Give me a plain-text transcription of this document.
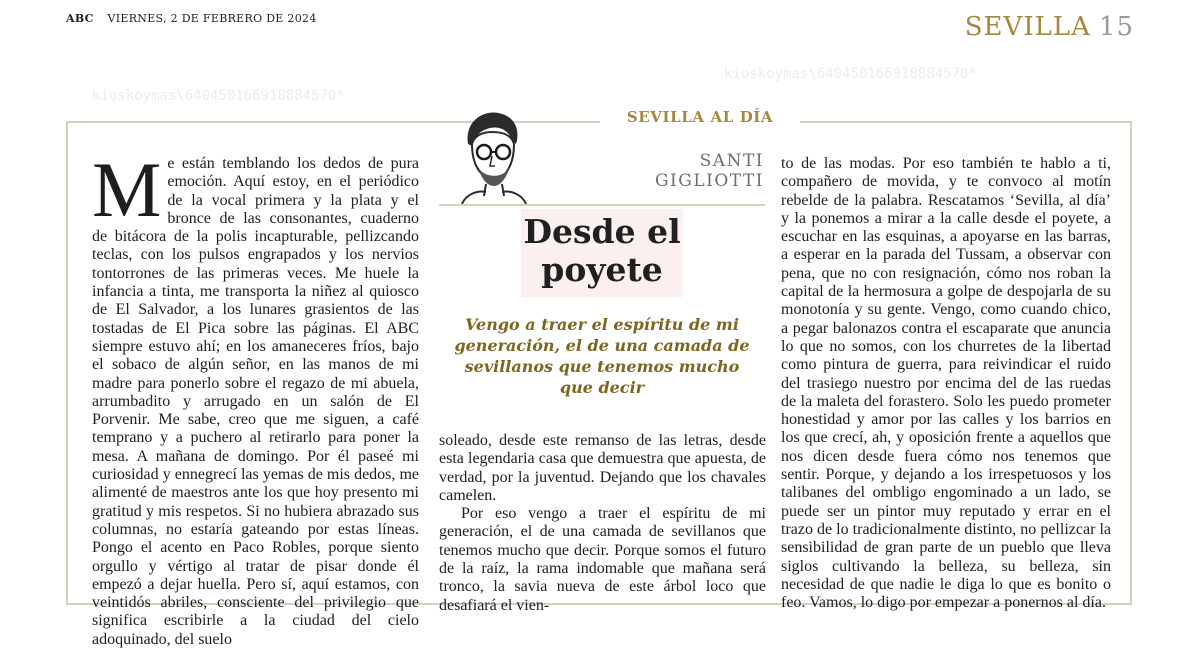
ABC VIERNES, 2 DE FEBRERO DE 2024	SEVILLA 15
kioskoymas\640450166918884570*
kioskoymas\640450166918884570*
SEVILLA AL DÍA
SANTI
GIGLIOTTI
Desde el
poyete
Vengo a traer el espíritu de mi generación, el de una camada de sevillanos que tenemos mucho que decir

Me están temblando los dedos de pura emoción. Aquí estoy, en el periódico de la vocal primera y la plata y el bronce de las consonantes, cuaderno de bitácora de la polis incapturable, pellizcando teclas, con los pulsos engrapados y los nervios tontorrones de las primeras veces. Me huele la infancia a tinta, me transporta la niñez al quiosco de El Salvador, a los lunares grasientos de las tostadas de El Pica sobre las páginas. El ABC siempre estuvo ahí; en los amaneceres fríos, bajo el sobaco de algún señor, en las manos de mi madre para ponerlo sobre el regazo de mi abuela, arrumbadito y arrugado en un salón de El Porvenir. Me sabe, creo que me siguen, a café temprano y a puchero al retirarlo para poner la mesa. A mañana de domingo. Por él paseé mi curiosidad y ennegrecí las yemas de mis dedos, me alimenté de maestros ante los que hoy presento mi gratitud y mis respetos. Si no hubiera abrazado sus columnas, no estaría gateando por estas líneas. Pongo el acento en Paco Robles, porque siento orgullo y vértigo al tratar de pisar donde él empezó a dejar huella. Pero sí, aquí estamos, con veintidós abriles, consciente del privilegio que significa escribirle a la ciudad del cielo adoquinado, del suelo

soleado, desde este remanso de las letras, desde esta legendaria casa que demuestra que apuesta, de verdad, por la juventud. Dejando que los chavales camelen.

Por eso vengo a traer el espíritu de mi generación, el de una camada de sevillanos que tenemos mucho que decir. Porque somos el futuro de la raíz, la rama indomable que mañana será tronco, la savia nueva de este árbol loco que desafiará el vien-

to de las modas. Por eso también te hablo a ti, compañero de movida, y te convoco al motín rebelde de la palabra. Rescatamos ‘Sevilla, al día’ y la ponemos a mirar a la calle desde el poyete, a escuchar en las esquinas, a apoyarse en las barras, a esperar en la parada del Tussam, a observar con pena, que no con resignación, cómo nos roban la capital de la hermosura a golpe de despojarla de su monotonía y su gente. Vengo, como cuando chico, a pegar balonazos contra el escaparate que anuncia lo que no somos, con los churretes de la libertad como pintura de guerra, para reivindicar el ruido del trasiego nuestro por encima del de las ruedas de la maleta del forastero. Solo les puedo prometer honestidad y amor por las calles y los barrios en los que crecí, ah, y oposición frente a aquellos que nos dicen desde fuera cómo nos tenemos que sentir. Porque, y dejando a los irrespetuosos y los talibanes del ombligo engominado a un lado, se puede ser un pintor muy reputado y errar en el trazo de lo tradicionalmente distinto, no pellizcar la sensibilidad de gran parte de un pueblo que lleva siglos cultivando la belleza, su belleza, sin necesidad de que nadie le diga lo que es bonito o feo. Vamos, lo digo por empezar a ponernos al día.
